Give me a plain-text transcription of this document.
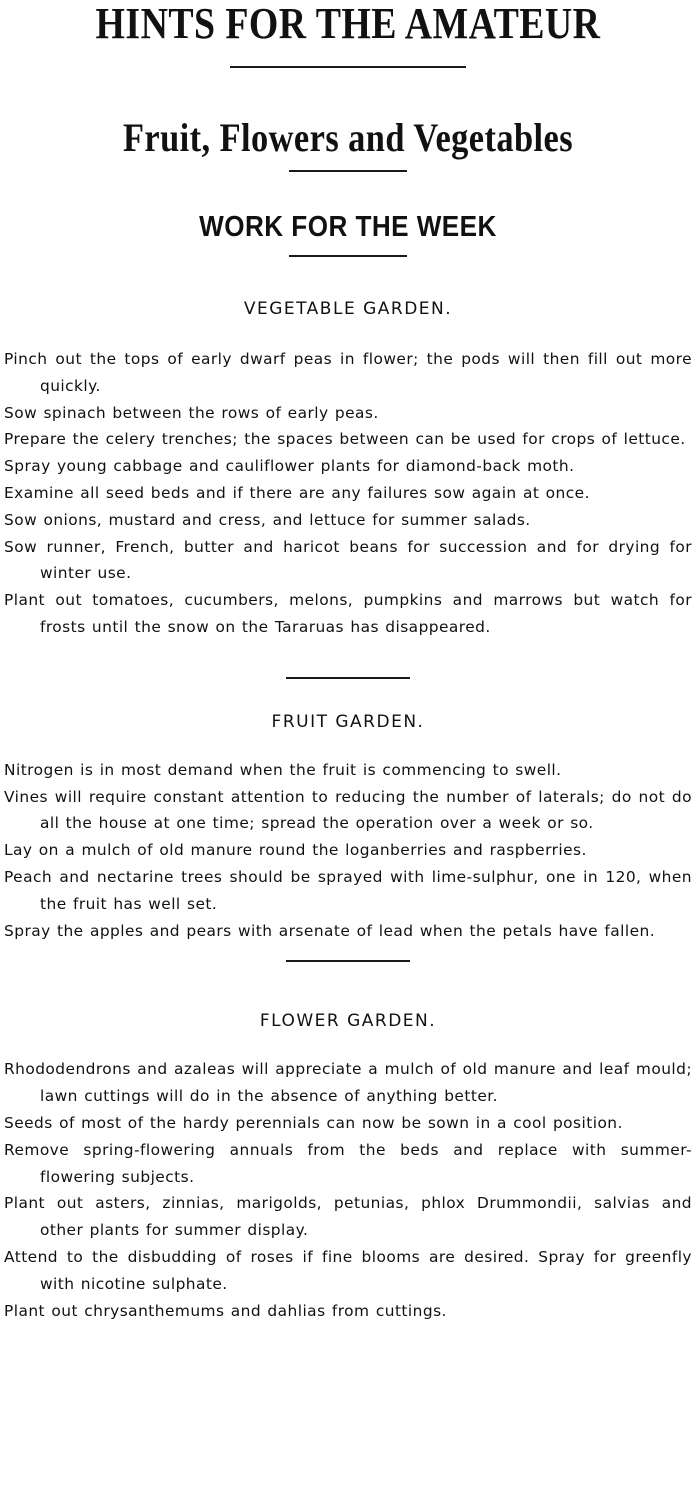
HINTS FOR THE AMATEUR
Fruit, Flowers and Vegetables
WORK FOR THE WEEK
VEGETABLE GARDEN.
Pinch out the tops of early dwarf peas in flower; the pods will then fill out more quickly.
Sow spinach between the rows of early peas.
Prepare the celery trenches; the spaces between can be used for crops of lettuce.
Spray young cabbage and cauliflower plants for diamond-back moth.
Examine all seed beds and if there are any failures sow again at once.
Sow onions, mustard and cress, and lettuce for summer salads.
Sow runner, French, butter and haricot beans for succession and for drying for winter use.
Plant out tomatoes, cucumbers, melons, pumpkins and marrows but watch for frosts until the snow on the Tararuas has disappeared.
FRUIT GARDEN.
Nitrogen is in most demand when the fruit is commencing to swell.
Vines will require constant attention to reducing the number of laterals; do not do all the house at one time; spread the operation over a week or so.
Lay on a mulch of old manure round the loganberries and raspberries.
Peach and nectarine trees should be sprayed with lime-sulphur, one in 120, when the fruit has well set.
Spray the apples and pears with arsenate of lead when the petals have fallen.
FLOWER GARDEN.
Rhododendrons and azaleas will appreciate a mulch of old manure and leaf mould; lawn cuttings will do in the absence of anything better.
Seeds of most of the hardy perennials can now be sown in a cool position.
Remove spring-flowering annuals from the beds and replace with summer-flowering subjects.
Plant out asters, zinnias, marigolds, petunias, phlox Drummondii, salvias and other plants for summer display.
Attend to the disbudding of roses if fine blooms are desired. Spray for greenfly with nicotine sulphate.
Plant out chrysanthemums and dahlias from cuttings.
